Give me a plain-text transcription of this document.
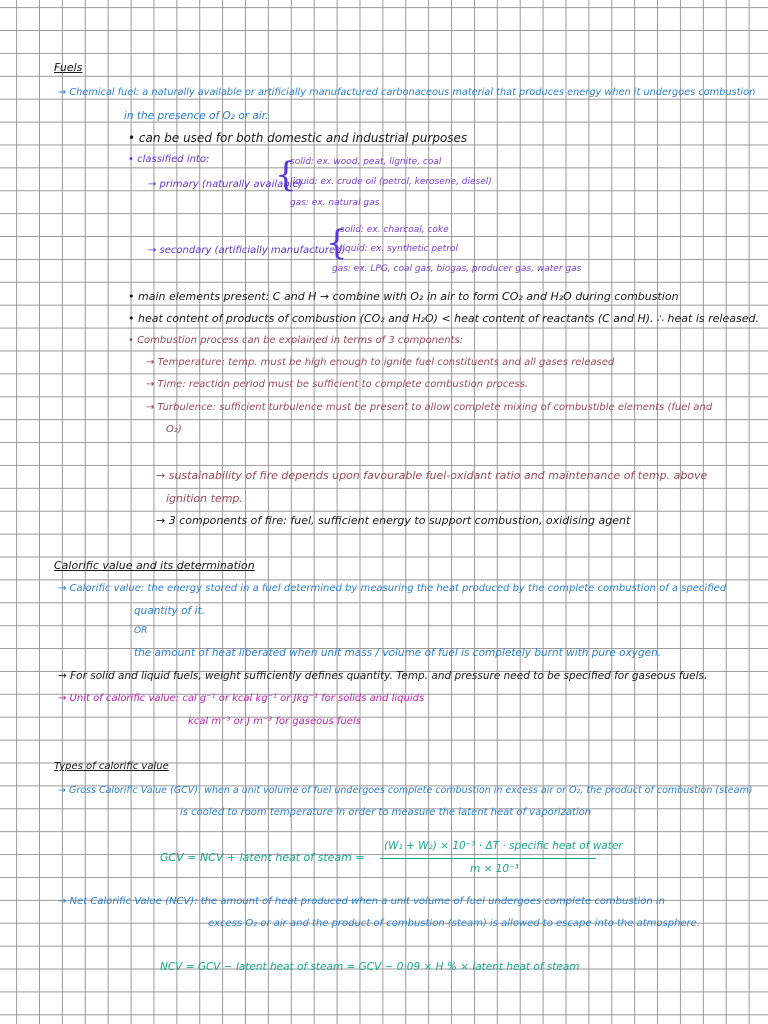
Fuels
→ Chemical fuel: a naturally available or artificially manufactured carbonaceous material that produces energy when it undergoes combustion
in the presence of O₂ or air.
• can be used for both domestic and industrial purposes
• classified into:
→ primary (naturally available)
{
solid: ex. wood, peat, lignite, coal
liquid: ex. crude oil (petrol, kerosene, diesel)
gas: ex. natural gas
→ secondary (artificially manufactured)
{
solid: ex. charcoal, coke
liquid: ex. synthetic petrol
gas: ex. LPG, coal gas, biogas, producer gas, water gas
• main elements present: C and H → combine with O₂ in air to form CO₂ and H₂O during combustion
• heat content of products of combustion (CO₂ and H₂O) < heat content of reactants (C and H). ∴ heat is released.
• Combustion process can be explained in terms of 3 components:
→ Temperature: temp. must be high enough to ignite fuel constituents and all gases released
→ Time: reaction period must be sufficient to complete combustion process.
→ Turbulence: sufficient turbulence must be present to allow complete mixing of combustible elements (fuel and
O₂)
→ sustainability of fire depends upon favourable fuel-oxidant ratio and maintenance of temp. above
ignition temp.
→ 3 components of fire: fuel, sufficient energy to support combustion, oxidising agent
Calorific value and its determination
→ Calorific value: the energy stored in a fuel determined by measuring the heat produced by the complete combustion of a specified
quantity of it.
OR
the amount of heat liberated when unit mass / volume of fuel is completely burnt with pure oxygen.
→ For solid and liquid fuels, weight sufficiently defines quantity. Temp. and pressure need to be specified for gaseous fuels.
→ Unit of calorific value: cal g⁻¹ or kcal kg⁻¹ or Jkg⁻¹ for solids and liquids
kcal m⁻³ or J m⁻³ for gaseous fuels
Types of calorific value
→ Gross Calorific Value (GCV): when a unit volume of fuel undergoes complete combustion in excess air or O₂, the product of combustion (steam)
is cooled to room temperature in order to measure the latent heat of vaporization
GCV = NCV + latent heat of steam =
(W₁ + W₂) × 10⁻³ · ΔT · specific heat of water
m × 10⁻³
→ Net Calorific Value (NCV): the amount of heat produced when a unit volume of fuel undergoes complete combustion in
excess O₂ or air and the product of combustion (steam) is allowed to escape into the atmosphere.
NCV = GCV − latent heat of steam = GCV − 0·09 × H % × latent heat of steam
